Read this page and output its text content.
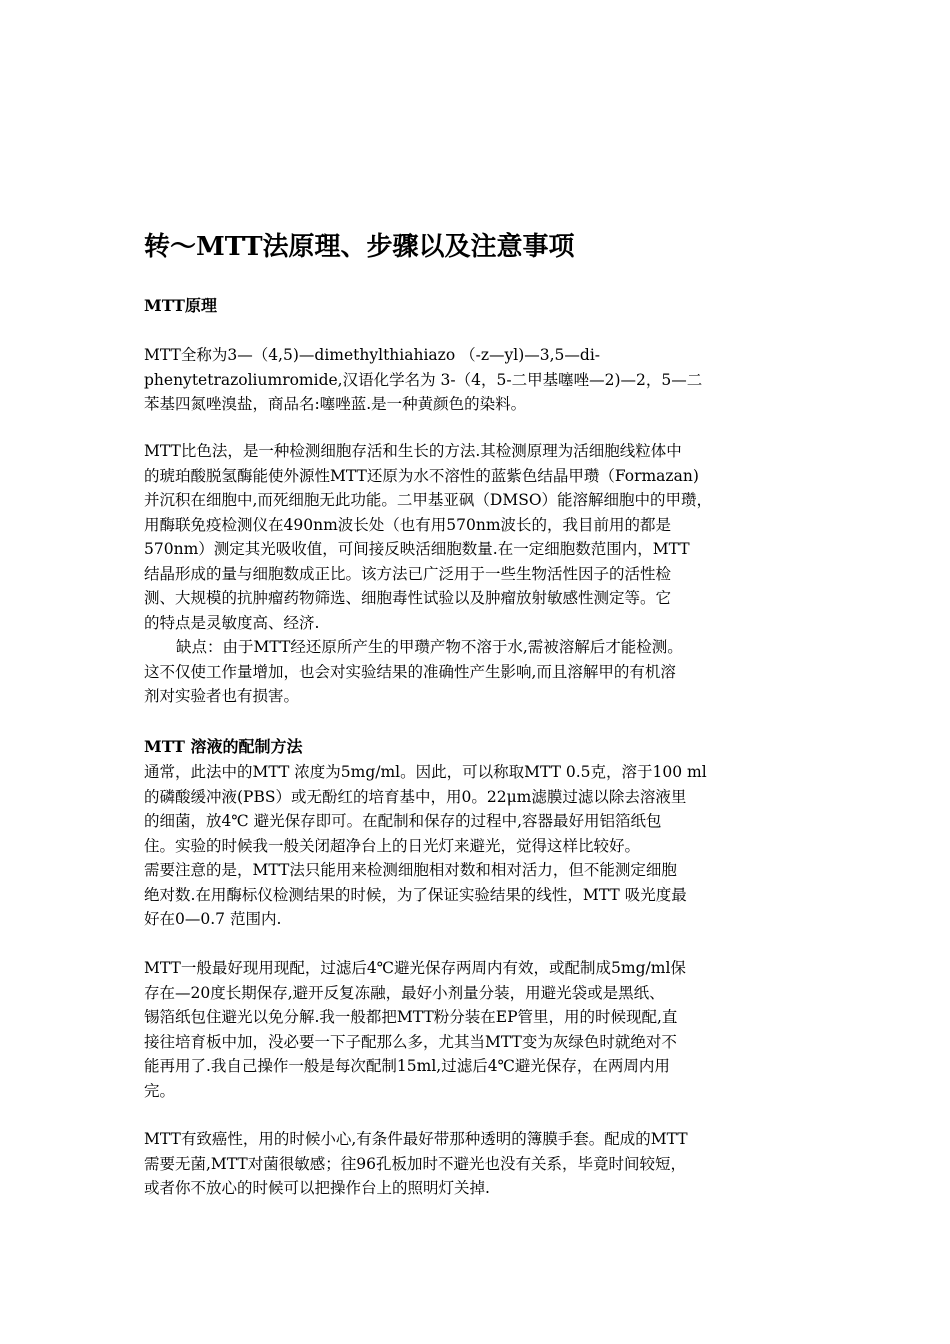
转～MTT法原理、步骤以及注意事项
MTT原理
MTT全称为3—（4,5)—dimethylthiahiazo （-z—yl)—3,5—di-
phenytetrazoliumromide,汉语化学名为 3-（4，5-二甲基噻唑—2)—2，5—二
苯基四氮唑溴盐，商品名:噻唑蓝.是一种黄颜色的染料。
MTT比色法，是一种检测细胞存活和生长的方法.其检测原理为活细胞线粒体中
的琥珀酸脱氢酶能使外源性MTT还原为水不溶性的蓝紫色结晶甲瓒（Formazan)
并沉积在细胞中,而死细胞无此功能。二甲基亚砜（DMSO）能溶解细胞中的甲瓒，
用酶联免疫检测仪在490nm波长处（也有用570nm波长的，我目前用的都是
570nm）测定其光吸收值，可间接反映活细胞数量.在一定细胞数范围内，MTT
结晶形成的量与细胞数成正比。该方法已广泛用于一些生物活性因子的活性检
测、大规模的抗肿瘤药物筛选、细胞毒性试验以及肿瘤放射敏感性测定等。它
的特点是灵敏度高、经济.
缺点：由于MTT经还原所产生的甲瓒产物不溶于水,需被溶解后才能检测。
这不仅使工作量增加，也会对实验结果的准确性产生影响,而且溶解甲的有机溶
剂对实验者也有损害。
MTT 溶液的配制方法
通常，此法中的MTT 浓度为5mg/ml。因此，可以称取MTT 0.5克，溶于100 ml
的磷酸缓冲液(PBS）或无酚红的培育基中，用0。22μm滤膜过滤以除去溶液里
的细菌，放4℃ 避光保存即可。在配制和保存的过程中,容器最好用铝箔纸包
住。实验的时候我一般关闭超净台上的日光灯来避光，觉得这样比较好。
需要注意的是，MTT法只能用来检测细胞相对数和相对活力，但不能测定细胞
绝对数.在用酶标仪检测结果的时候，为了保证实验结果的线性，MTT 吸光度最
好在0—0.7 范围内.
MTT一般最好现用现配，过滤后4℃避光保存两周内有效，或配制成5mg/ml保
存在—20度长期保存,避开反复冻融，最好小剂量分装，用避光袋或是黑纸、
锡箔纸包住避光以免分解.我一般都把MTT粉分装在EP管里，用的时候现配,直
接往培育板中加，没必要一下子配那么多，尤其当MTT变为灰绿色时就绝对不
能再用了.我自己操作一般是每次配制15ml,过滤后4℃避光保存，在两周内用
完。
MTT有致癌性，用的时候小心,有条件最好带那种透明的簿膜手套。配成的MTT
需要无菌,MTT对菌很敏感；往96孔板加时不避光也没有关系，毕竟时间较短，
或者你不放心的时候可以把操作台上的照明灯关掉.
